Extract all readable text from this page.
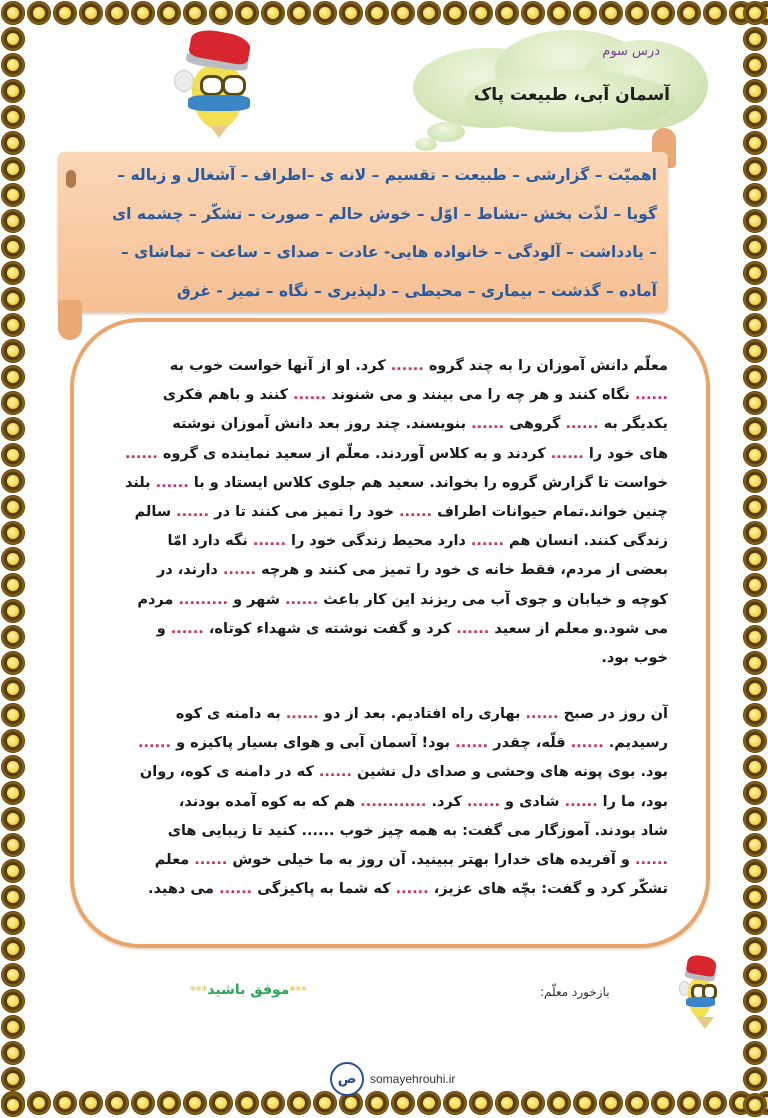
درس سوم
آسمان آبی، طبیعت پاک

اهمیّت – گزارشی – طبیعت – تقسیم – لانه ی –اطراف – آشغال و زباله –
گویا – لذّت بخش –نشاط – اوّل – خوش حالم – صورت – تشکّر – چشمه ای
– یادداشت – آلودگی – خانواده هایی- عادت – صدای – ساعت – تماشای –
آماده – گذشت – بیماری – محیطی – دلپذیری – نگاه – تمیز - غرق

معلّم دانش آموزان را به چند گروه ...... کرد. او از آنها خواست خوب به
...... نگاه کنند و هر چه را می بینند و می شنوند ...... کنند و باهم فکری
یکدیگر به ...... گروهی ...... بنویسند. چند روز بعد دانش آموزان نوشته
های خود را ...... کردند و به کلاس آوردند. معلّم از سعید نماینده ی گروه ......
خواست تا گزارش گروه را بخواند. سعید هم جلوی کلاس ایستاد و با ...... بلند
چنین خواند.تمام حیوانات اطراف ...... خود را تمیز می کنند تا در ...... سالم
زندگی کنند. انسان هم ...... دارد محیط زندگی خود را ...... نگه دارد امّا
بعضی از مردم، فقط خانه ی خود را تمیز می کنند و هرچه ...... دارند، در
کوچه و خیابان و جوی آب می ریزند این کار باعث ...... شهر و ......... مردم
می شود.و معلم از سعید ...... کرد و گفت نوشته ی شهداء کوتاه، ...... و
خوب بود.
آن روز در صبح ...... بهاری راه افتادیم. بعد از دو ...... به دامنه ی کوه
رسیدیم. ...... قلّه، چقدر ...... بود! آسمان آبی و هوای بسیار پاکیزه و ......
بود. بوی پونه های وحشی و صدای دل نشین ...... که در دامنه ی کوه، روان
بود، ما را ...... شادی و ...... کرد. ............ هم که به کوه آمده بودند،
شاد بودند. آموزگار می گفت: به همه چیز خوب ...... کنید تا زیبایی های
...... و آفریده های خدارا بهتر ببینید. آن روز به ما خیلی خوش ...... معلم
تشکّر کرد و گفت: بچّه های عزیز، ...... که شما به پاکیزگی ...... می دهید.
***موفق باشید***	بازخورد معلّم:
ص	somayehrouhi.ir
